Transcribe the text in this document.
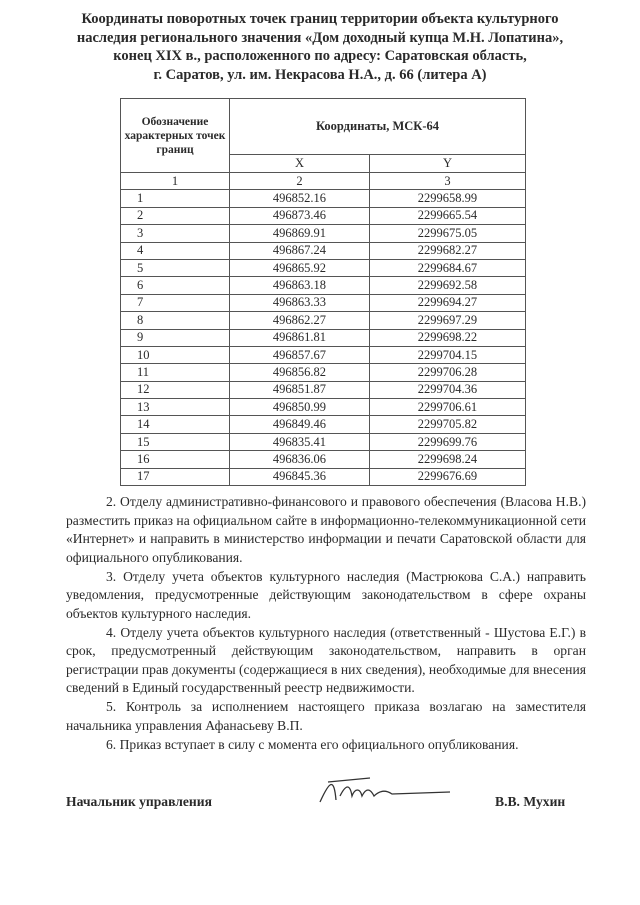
Координаты поворотных точек границ территории объекта культурного
наследия регионального значения «Дом доходный купца М.Н. Лопатина»,
конец XIX в., расположенного по адресу: Саратовская область,
г. Саратов, ул. им. Некрасова Н.А., д. 66 (литера А)
Обозначение характерных точек границ	Координаты, МСК-64	
	X	Y
1	2	3
1	496852.16	2299658.99
2	496873.46	2299665.54
3	496869.91	2299675.05
4	496867.24	2299682.27
5	496865.92	2299684.67
6	496863.18	2299692.58
7	496863.33	2299694.27
8	496862.27	2299697.29
9	496861.81	2299698.22
10	496857.67	2299704.15
11	496856.82	2299706.28
12	496851.87	2299704.36
13	496850.99	2299706.61
14	496849.46	2299705.82
15	496835.41	2299699.76
16	496836.06	2299698.24
17	496845.36	2299676.69

2. Отделу административно-финансового и правового обеспечения (Власова Н.В.) разместить приказ на официальном сайте в информационно-телекоммуникационной сети «Интернет» и направить в министерство информации и печати Саратовской области для официального опубликования.

3. Отделу учета объектов культурного наследия (Мастрюкова С.А.) направить уведомления, предусмотренные действующим законодательством в сфере охраны объектов культурного наследия.

4. Отделу учета объектов культурного наследия (ответственный - Шустова Е.Г.) в срок, предусмотренный действующим законодательством, направить в орган регистрации прав документы (содержащиеся в них сведения), необходимые для внесения сведений в Единый государственный реестр недвижимости.

5. Контроль за исполнением настоящего приказа возлагаю на заместителя начальника управления Афанасьеву В.П.

6. Приказ вступает в силу с момента его официального опубликования.

Начальник управления	В.В. Мухин
